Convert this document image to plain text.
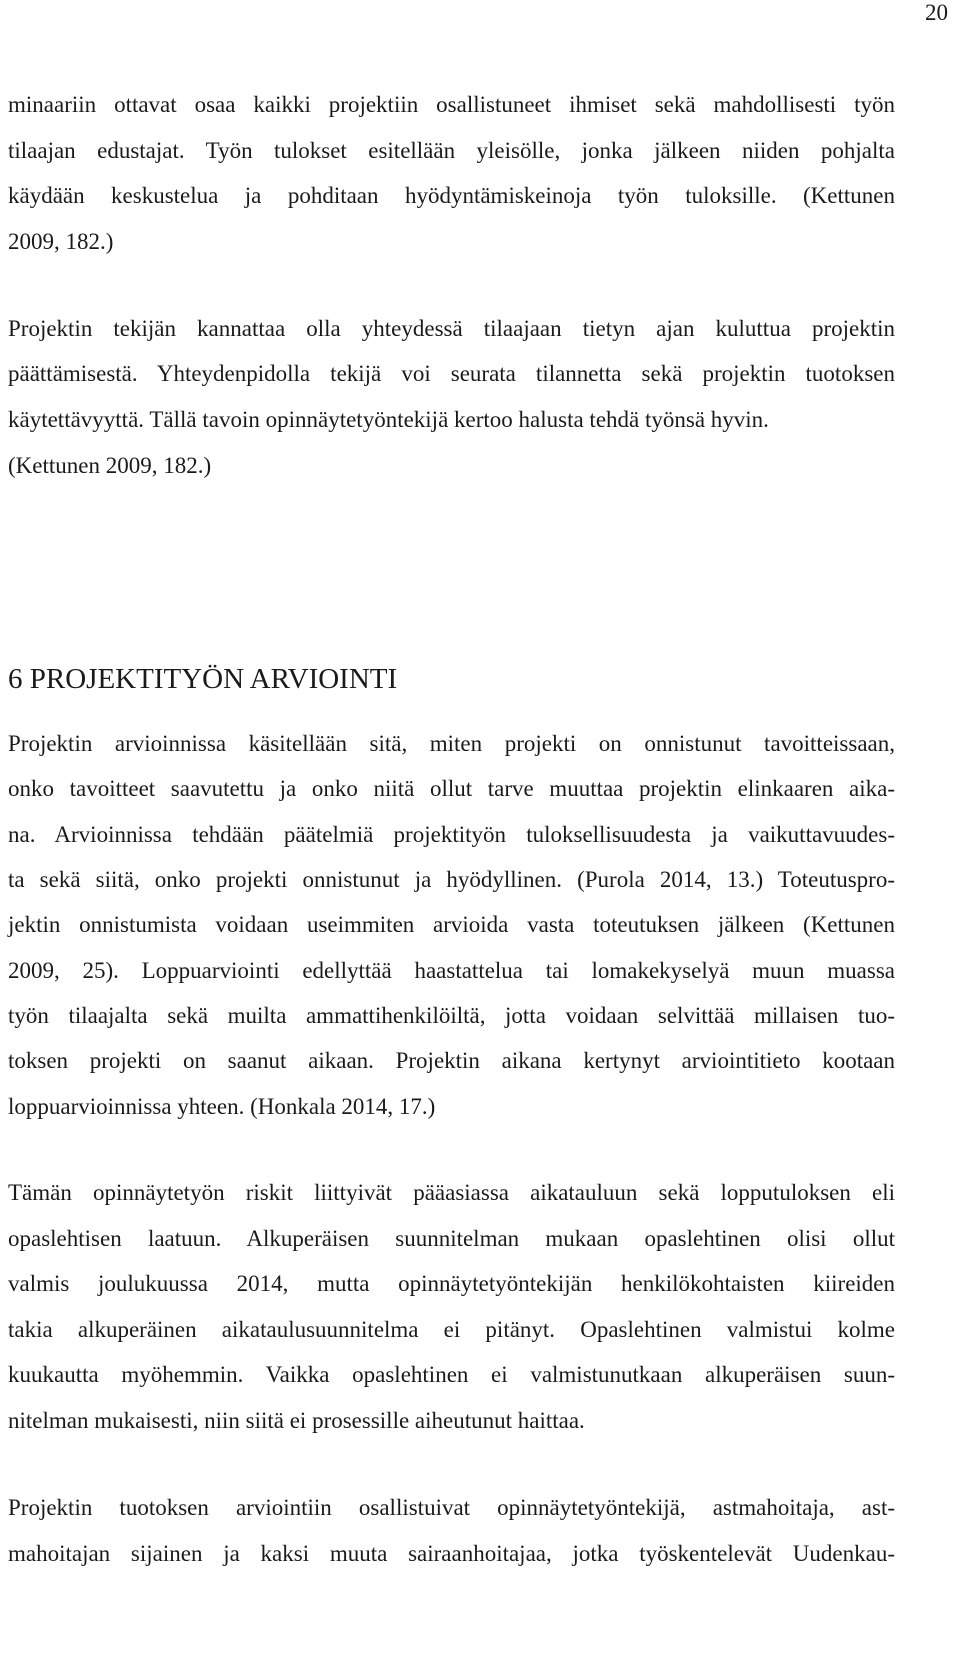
20
minaariin ottavat osaa kaikki projektiin osallistuneet ihmiset sekä mahdollisesti työn
tilaajan edustajat. Työn tulokset esitellään yleisölle, jonka jälkeen niiden pohjalta
käydään keskustelua ja pohditaan hyödyntämiskeinoja työn tuloksille. (Kettunen
2009, 182.)
Projektin tekijän kannattaa olla yhteydessä tilaajaan tietyn ajan kuluttua projektin
päättämisestä. Yhteydenpidolla tekijä voi seurata tilannetta sekä projektin tuotoksen
käytettävyyttä. Tällä tavoin opinnäytetyöntekijä kertoo halusta tehdä työnsä hyvin.
(Kettunen 2009, 182.)
6 PROJEKTITYÖN ARVIOINTI
Projektin arvioinnissa käsitellään sitä, miten projekti on onnistunut tavoitteissaan,
onko tavoitteet saavutettu ja onko niitä ollut tarve muuttaa projektin elinkaaren aika-
na. Arvioinnissa tehdään päätelmiä projektityön tuloksellisuudesta ja vaikuttavuudes-
ta sekä siitä, onko projekti onnistunut ja hyödyllinen. (Purola 2014, 13.) Toteutuspro-
jektin onnistumista voidaan useimmiten arvioida vasta toteutuksen jälkeen (Kettunen
2009, 25). Loppuarviointi edellyttää haastattelua tai lomakekyselyä muun muassa
työn tilaajalta sekä muilta ammattihenkilöiltä, jotta voidaan selvittää millaisen tuo-
toksen projekti on saanut aikaan. Projektin aikana kertynyt arviointitieto kootaan
loppuarvioinnissa yhteen. (Honkala 2014, 17.)
Tämän opinnäytetyön riskit liittyivät pääasiassa aikatauluun sekä lopputuloksen eli
opaslehtisen laatuun. Alkuperäisen suunnitelman mukaan opaslehtinen olisi ollut
valmis joulukuussa 2014, mutta opinnäytetyöntekijän henkilökohtaisten kiireiden
takia alkuperäinen aikataulusuunnitelma ei pitänyt. Opaslehtinen valmistui kolme
kuukautta myöhemmin. Vaikka opaslehtinen ei valmistunutkaan alkuperäisen suun-
nitelman mukaisesti, niin siitä ei prosessille aiheutunut haittaa.
Projektin tuotoksen arviointiin osallistuivat opinnäytetyöntekijä, astmahoitaja, ast-
mahoitajan sijainen ja kaksi muuta sairaanhoitajaa, jotka työskentelevät Uudenkau-
